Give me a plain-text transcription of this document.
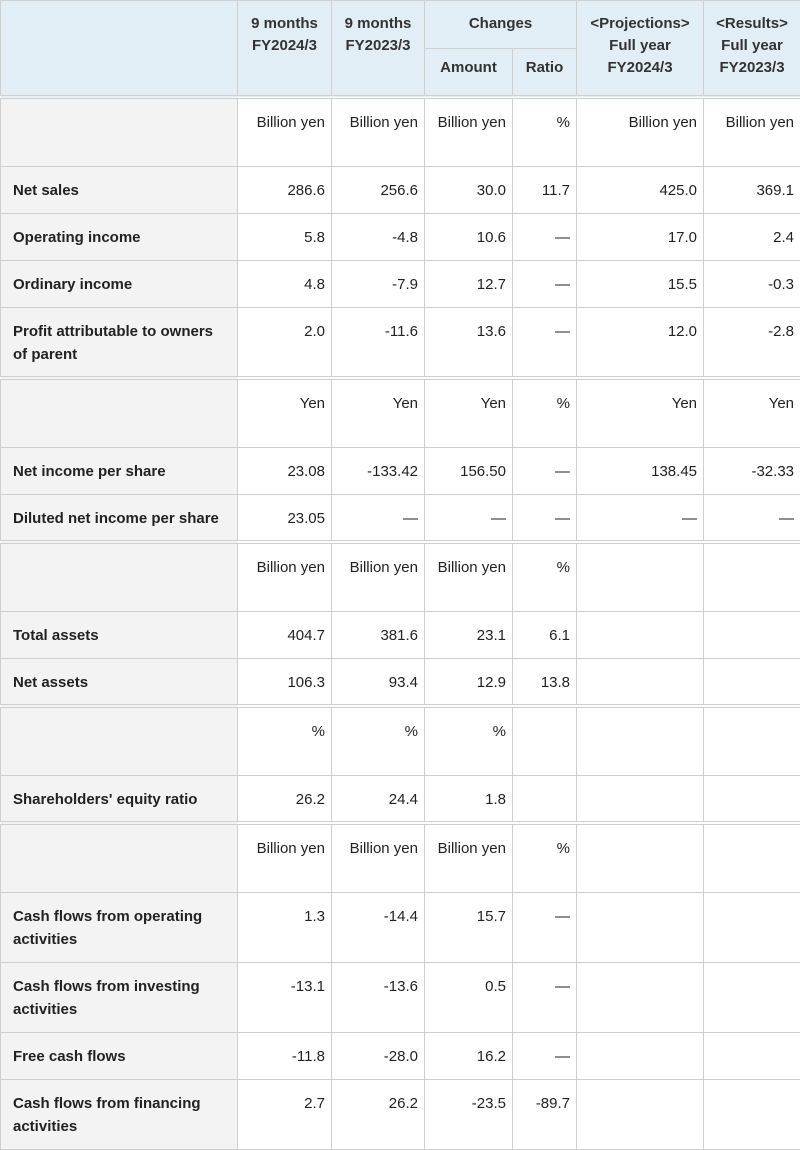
	9 months FY2024/3	9 months FY2023/3	Changes		<Projections> Full year FY2024/3	<Results> Full year FY2023/3
			Amount	Ratio		
	Billion yen	Billion yen	Billion yen	%	Billion yen	Billion yen
Net sales	286.6	256.6	30.0	11.7	425.0	369.1
Operating income	5.8	-4.8	10.6	—	17.0	2.4
Ordinary income	4.8	-7.9	12.7	—	15.5	-0.3
Profit attributable to owners of parent	2.0	-11.6	13.6	—	12.0	-2.8
	Yen	Yen	Yen	%	Yen	Yen
Net income per share	23.08	-133.42	156.50	—	138.45	-32.33
Diluted net income per share	23.05	—	—	—	—	—
	Billion yen	Billion yen	Billion yen	%		
Total assets	404.7	381.6	23.1	6.1		
Net assets	106.3	93.4	12.9	13.8		
	%	%	%			
Shareholders' equity ratio	26.2	24.4	1.8			
	Billion yen	Billion yen	Billion yen	%		
Cash flows from operating activities	1.3	-14.4	15.7	—		
Cash flows from investing activities	-13.1	-13.6	0.5	—		
Free cash flows	-11.8	-28.0	16.2	—		
Cash flows from financing activities	2.7	26.2	-23.5	-89.7		
